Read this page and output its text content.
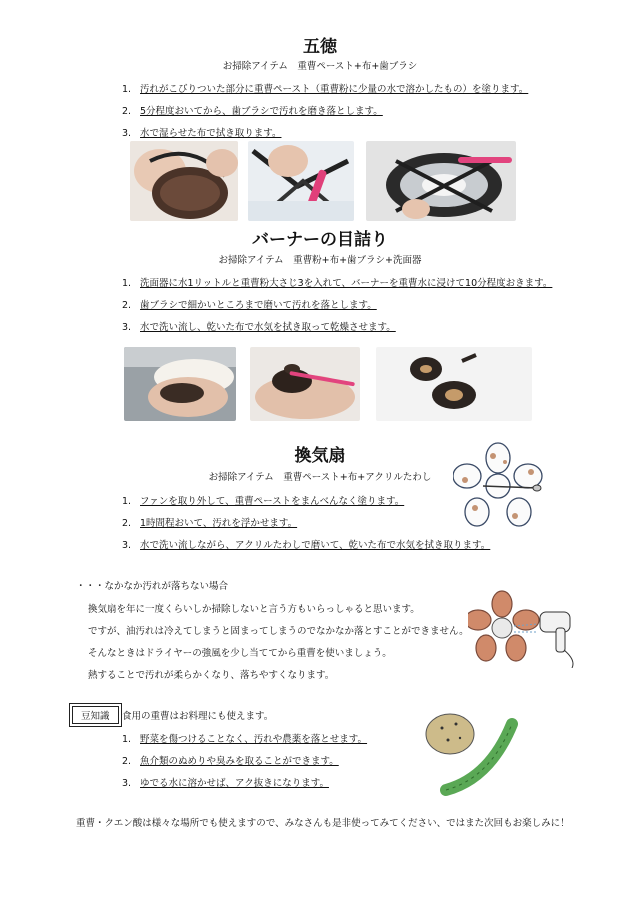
五徳
お掃除アイテム　重曹ペースト+布+歯ブラシ
1. 汚れがこびりついた部分に重曹ペースト（重曹粉に少量の水で溶かしたもの）を塗ります。
2. 5分程度おいてから、歯ブラシで汚れを磨き落とします。
3. 水で湿らせた布で拭き取ります。
バーナーの目詰り
お掃除アイテム　重曹粉+布+歯ブラシ+洗面器
1. 洗面器に水1リットルと重曹粉大さじ3を入れて、バーナーを重曹水に浸けて10分程度おきます。
2. 歯ブラシで細かいところまで磨いて汚れを落とします。
3. 水で洗い流し、乾いた布で水気を拭き取って乾燥させます。
換気扇
お掃除アイテム　重曹ペースト+布+アクリルたわし
1. ファンを取り外して、重曹ペーストをまんべんなく塗ります。
2. 1時間程おいて、汚れを浮かせます。
3. 水で洗い流しながら、アクリルたわしで磨いて、乾いた布で水気を拭き取ります。
・・・なかなか汚れが落ちない場合
換気扇を年に一度くらいしか掃除しないと言う方もいらっしゃると思います。
ですが、油汚れは冷えてしまうと固まってしまうのでなかなか落とすことができません。
そんなときはドライヤーの強風を少し当ててから重曹を使いましょう。
熱することで汚れが柔らかくなり、落ちやすくなります。
豆知識	食用の重曹はお料理にも使えます。
1. 野菜を傷つけることなく、汚れや農薬を落とせます。
2. 魚介類のぬめりや臭みを取ることができます。
3. ゆでる水に溶かせば、アク抜きになります。
重曹・クエン酸は様々な場所でも使えますので、みなさんも是非使ってみてください、ではまた次回もお楽しみに！
